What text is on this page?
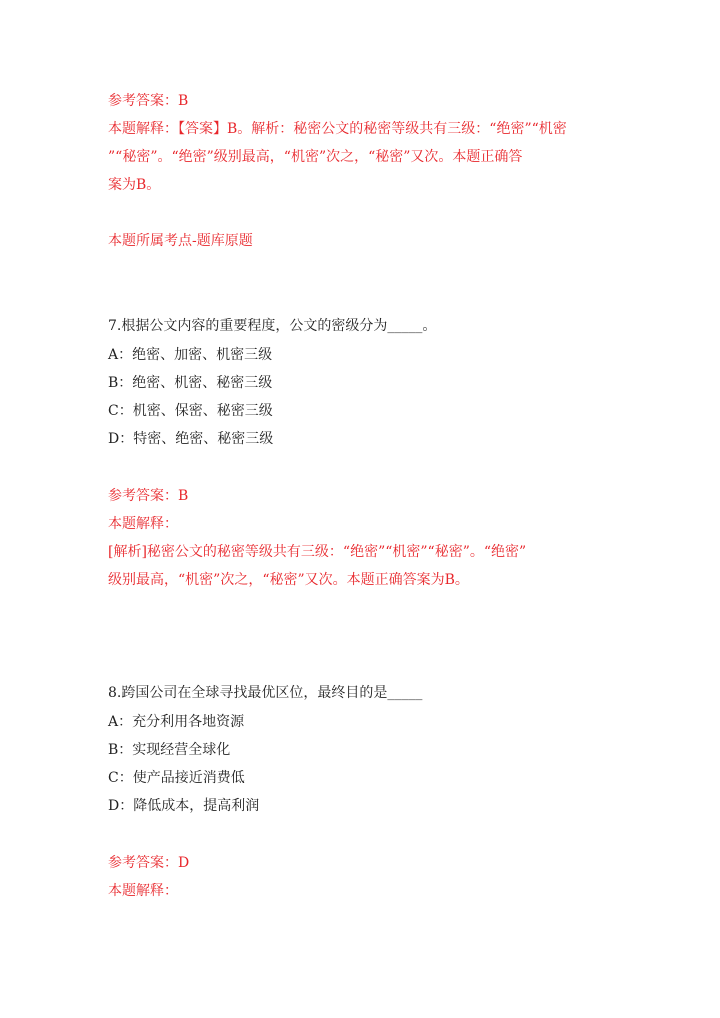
参考答案：B
本题解释：【答案】B。解析：秘密公文的秘密等级共有三级：“绝密”“机密
”“秘密”。“绝密”级别最高，“机密”次之，“秘密”又次。本题正确答
案为B。
本题所属考点-题库原题
7.根据公文内容的重要程度，公文的密级分为_____。
A：绝密、加密、机密三级
B：绝密、机密、秘密三级
C：机密、保密、秘密三级
D：特密、绝密、秘密三级
参考答案：B
本题解释：
[解析]秘密公文的秘密等级共有三级：“绝密”“机密”“秘密”。“绝密”
级别最高，“机密”次之，“秘密”又次。本题正确答案为B。
8.跨国公司在全球寻找最优区位，最终目的是_____
A：充分利用各地资源
B：实现经营全球化
C：使产品接近消费低
D：降低成本，提高利润
参考答案：D
本题解释：
